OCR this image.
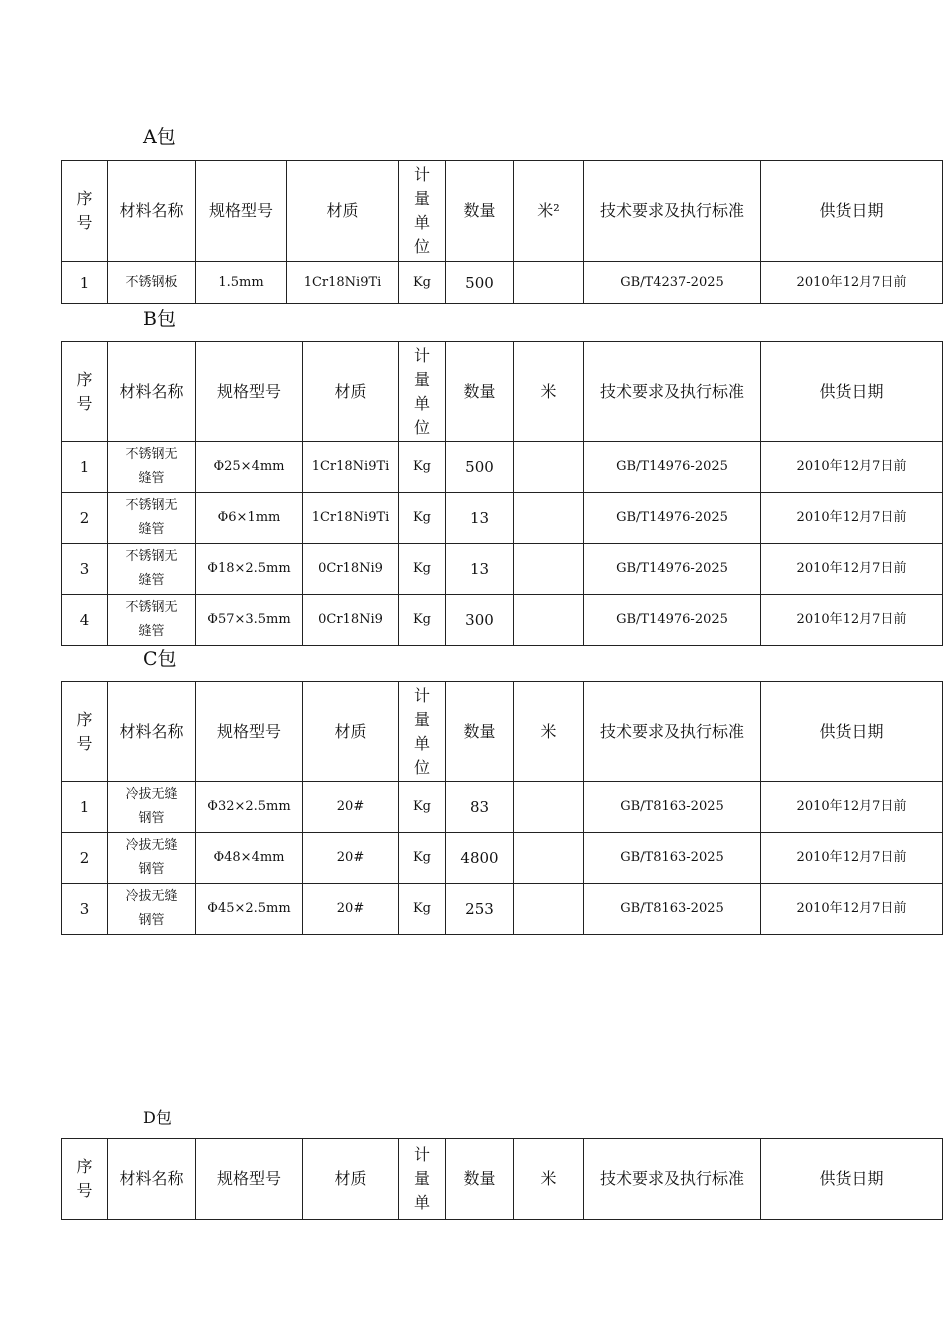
A包
序号	材料名称	规格型号	材质	计量单位	数量	米²	技术要求及执行标准	供货日期
1	不锈钢板	1.5mm	1Cr18Ni9Ti	Kg	500		GB/T4237-2025	2010年12月7日前
B包
序号	材料名称	规格型号	材质	计量单位	数量	米	技术要求及执行标准	供货日期
1	不锈钢无缝管	Φ25×4mm	1Cr18Ni9Ti	Kg	500		GB/T14976-2025	2010年12月7日前
2	不锈钢无缝管	Φ6×1mm	1Cr18Ni9Ti	Kg	13		GB/T14976-2025	2010年12月7日前
3	不锈钢无缝管	Φ18×2.5mm	0Cr18Ni9	Kg	13		GB/T14976-2025	2010年12月7日前
4	不锈钢无缝管	Φ57×3.5mm	0Cr18Ni9	Kg	300		GB/T14976-2025	2010年12月7日前
C包
序号	材料名称	规格型号	材质	计量单位	数量	米	技术要求及执行标准	供货日期
1	冷拔无缝钢管	Φ32×2.5mm	20#	Kg	83		GB/T8163-2025	2010年12月7日前
2	冷拔无缝钢管	Φ48×4mm	20#	Kg	4800		GB/T8163-2025	2010年12月7日前
3	冷拔无缝钢管	Φ45×2.5mm	20#	Kg	253		GB/T8163-2025	2010年12月7日前
D包
序号	材料名称	规格型号	材质	计量单	数量	米	技术要求及执行标准	供货日期
